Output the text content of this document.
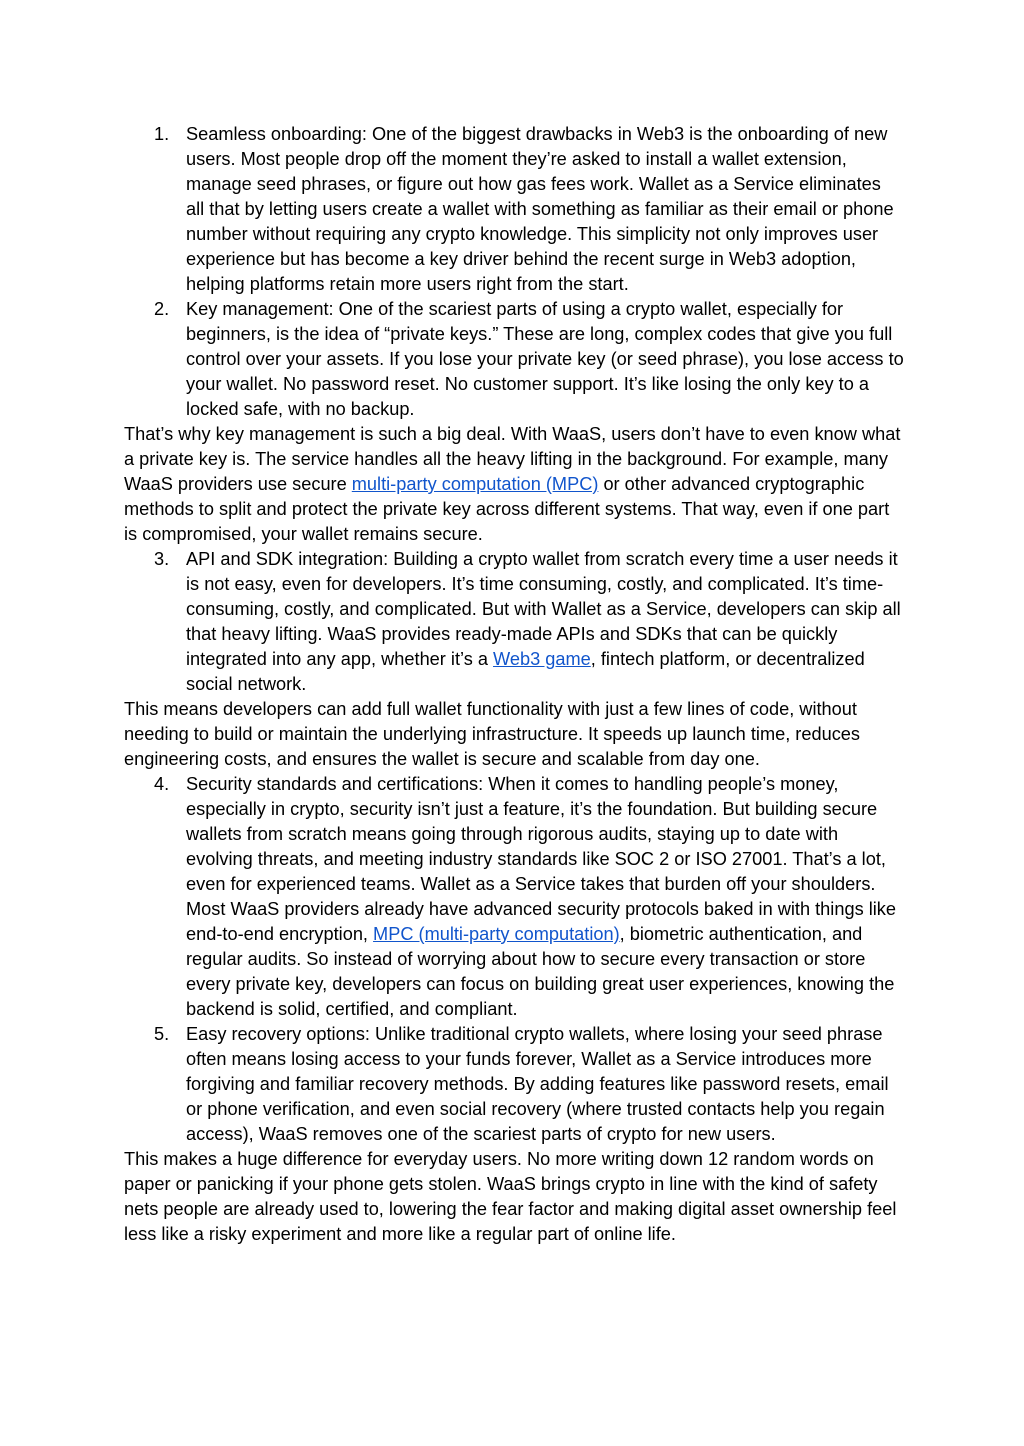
1. Seamless onboarding: One of the biggest drawbacks in Web3 is the onboarding of new users. Most people drop off the moment they’re asked to install a wallet extension, manage seed phrases, or figure out how gas fees work. Wallet as a Service eliminates all that by letting users create a wallet with something as familiar as their email or phone number without requiring any crypto knowledge. This simplicity not only improves user experience but has become a key driver behind the recent surge in Web3 adoption, helping platforms retain more users right from the start.
2. Key management: One of the scariest parts of using a crypto wallet, especially for beginners, is the idea of “private keys.” These are long, complex codes that give you full control over your assets. If you lose your private key (or seed phrase), you lose access to your wallet. No password reset. No customer support. It’s like losing the only key to a locked safe, with no backup.

That’s why key management is such a big deal. With WaaS, users don’t have to even know what a private key is. The service handles all the heavy lifting in the background. For example, many WaaS providers use secure multi-party computation (MPC) or other advanced cryptographic methods to split and protect the private key across different systems. That way, even if one part is compromised, your wallet remains secure.

3. API and SDK integration: Building a crypto wallet from scratch every time a user needs it is not easy, even for developers. It’s time consuming, costly, and complicated. It’s time-consuming, costly, and complicated. But with Wallet as a Service, developers can skip all that heavy lifting. WaaS provides ready-made APIs and SDKs that can be quickly integrated into any app, whether it’s a Web3 game, fintech platform, or decentralized social network.

This means developers can add full wallet functionality with just a few lines of code, without needing to build or maintain the underlying infrastructure. It speeds up launch time, reduces engineering costs, and ensures the wallet is secure and scalable from day one.

4. Security standards and certifications: When it comes to handling people’s money, especially in crypto, security isn’t just a feature, it’s the foundation. But building secure wallets from scratch means going through rigorous audits, staying up to date with evolving threats, and meeting industry standards like SOC 2 or ISO 27001. That’s a lot, even for experienced teams. Wallet as a Service takes that burden off your shoulders. Most WaaS providers already have advanced security protocols baked in with things like end-to-end encryption, MPC (multi-party computation), biometric authentication, and regular audits. So instead of worrying about how to secure every transaction or store every private key, developers can focus on building great user experiences, knowing the backend is solid, certified, and compliant.
5. Easy recovery options: Unlike traditional crypto wallets, where losing your seed phrase often means losing access to your funds forever, Wallet as a Service introduces more forgiving and familiar recovery methods. By adding features like password resets, email or phone verification, and even social recovery (where trusted contacts help you regain access), WaaS removes one of the scariest parts of crypto for new users.

This makes a huge difference for everyday users. No more writing down 12 random words on paper or panicking if your phone gets stolen. WaaS brings crypto in line with the kind of safety nets people are already used to, lowering the fear factor and making digital asset ownership feel less like a risky experiment and more like a regular part of online life.
